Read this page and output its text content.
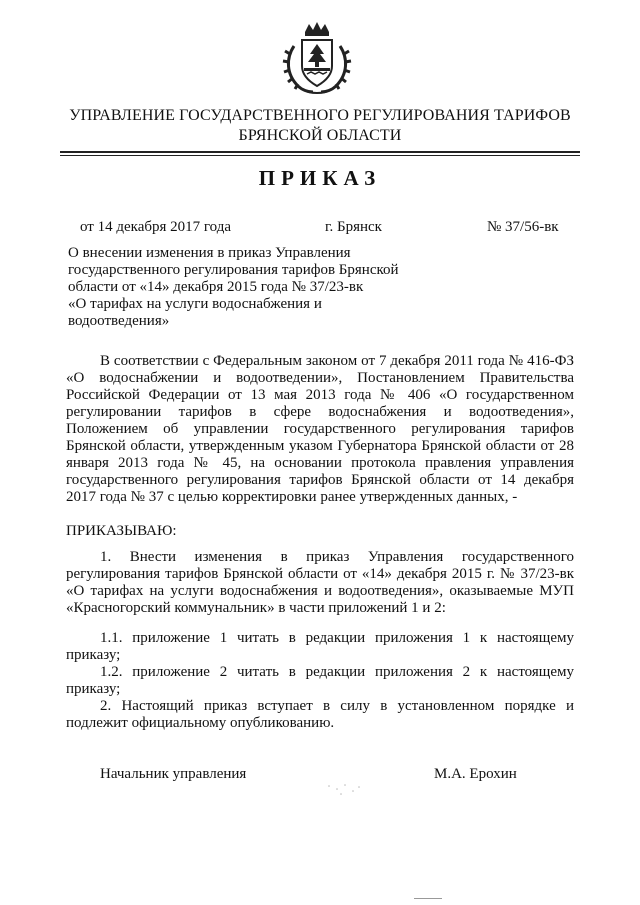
УПРАВЛЕНИЕ ГОСУДАРСТВЕННОГО РЕГУЛИРОВАНИЯ ТАРИФОВ
БРЯНСКОЙ ОБЛАСТИ
ПРИКАЗ
от 14 декабря 2017 года	г. Брянск	№ 37/56-вк
О внесении изменения в приказ Управления
государственного регулирования тарифов Брянской
области от «14» декабря 2015 года № 37/23-вк
«О тарифах на услуги водоснабжения и
водоотведения»
В соответствии с Федеральным законом от 7 декабря 2011 года № 416-ФЗ «О водоснабжении и водоотведении», Постановлением Правительства Российской Федерации от 13 мая 2013 года № 406 «О государственном регулировании тарифов в сфере водоснабжения и водоотведения», Положением об управлении государственного регулирования тарифов Брянской области, утвержденным указом Губернатора Брянской области от 28 января 2013 года № 45, на основании протокола правления управления государственного регулирования тарифов Брянской области от 14 декабря 2017 года № 37 с целью корректировки ранее утвержденных данных, -
ПРИКАЗЫВАЮ:
1. Внести изменения в приказ Управления государственного регулирования тарифов Брянской области от «14» декабря 2015 г. № 37/23-вк «О тарифах на услуги водоснабжения и водоотведения», оказываемые МУП «Красногорский коммунальник» в части приложений 1 и 2:
1.1. приложение 1 читать в редакции приложения 1 к настоящему приказу;
1.2. приложение 2 читать в редакции приложения 2 к настоящему приказу;
2. Настоящий приказ вступает в силу в установленном порядке и подлежит официальному опубликованию.
Начальник управления	М.А. Ерохин
